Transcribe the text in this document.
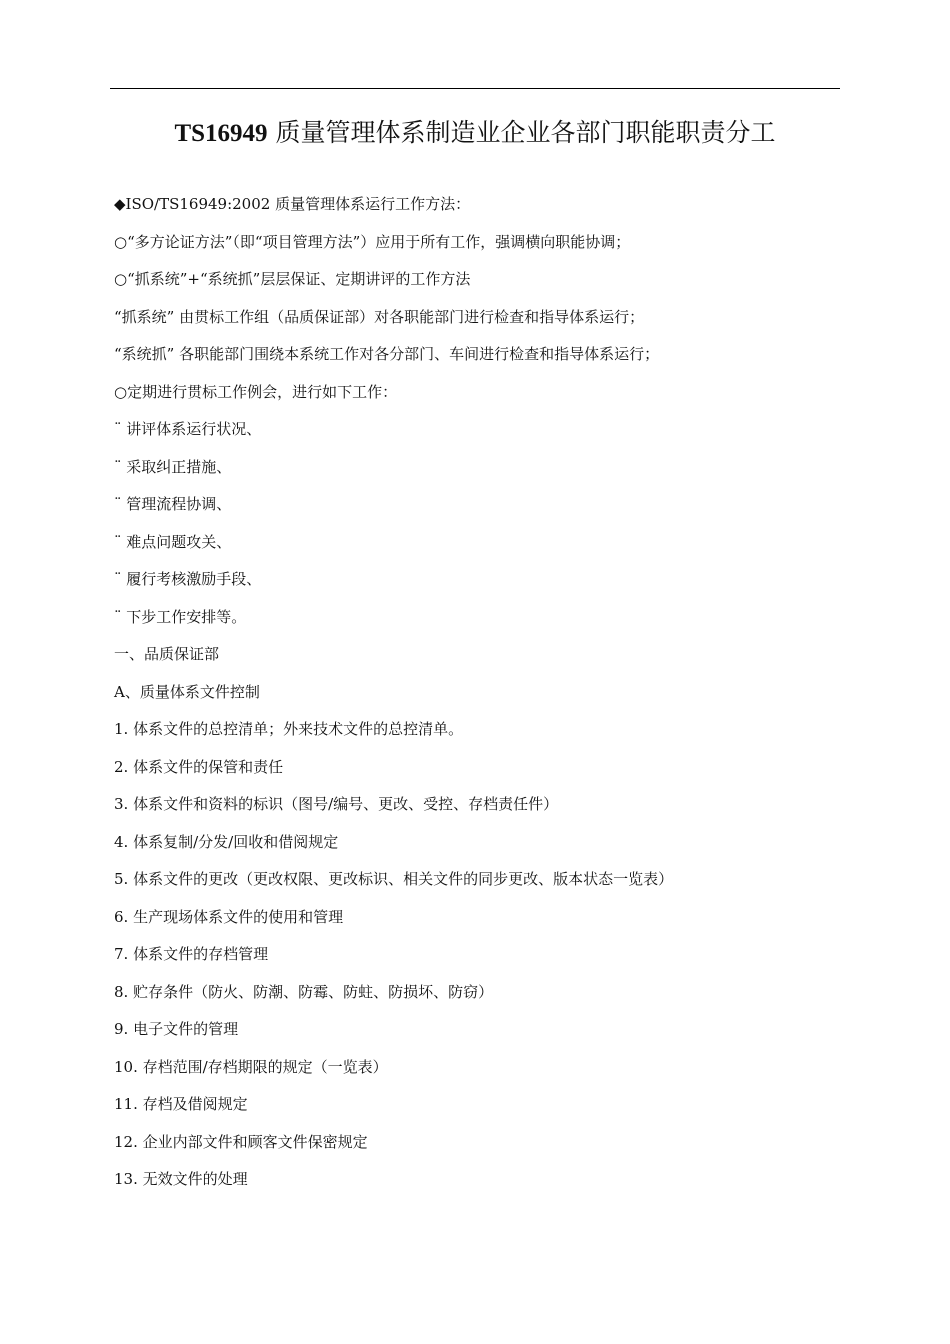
TS16949 质量管理体系制造业企业各部门职能职责分工
◆ISO/TS16949:2002 质量管理体系运行工作方法：
○“多方论证方法”（即“项目管理方法”）应用于所有工作，强调横向职能协调；
○“抓系统”+“系统抓”层层保证、定期讲评的工作方法
“抓系统” 由贯标工作组（品质保证部）对各职能部门进行检查和指导体系运行；
“系统抓” 各职能部门围绕本系统工作对各分部门、车间进行检查和指导体系运行；
○定期进行贯标工作例会，进行如下工作：
¨ 讲评体系运行状况、
¨ 采取纠正措施、
¨ 管理流程协调、
¨ 难点问题攻关、
¨ 履行考核激励手段、
¨ 下步工作安排等。
一、品质保证部
A、质量体系文件控制
1. 体系文件的总控清单；外来技术文件的总控清单。
2. 体系文件的保管和责任
3. 体系文件和资料的标识（图号/编号、更改、受控、存档责任件）
4. 体系复制/分发/回收和借阅规定
5. 体系文件的更改（更改权限、更改标识、相关文件的同步更改、版本状态一览表）
6. 生产现场体系文件的使用和管理
7. 体系文件的存档管理
8. 贮存条件（防火、防潮、防霉、防蛀、防损坏、防窃）
9. 电子文件的管理
10. 存档范围/存档期限的规定（一览表）
11. 存档及借阅规定
12. 企业内部文件和顾客文件保密规定
13. 无效文件的处理
